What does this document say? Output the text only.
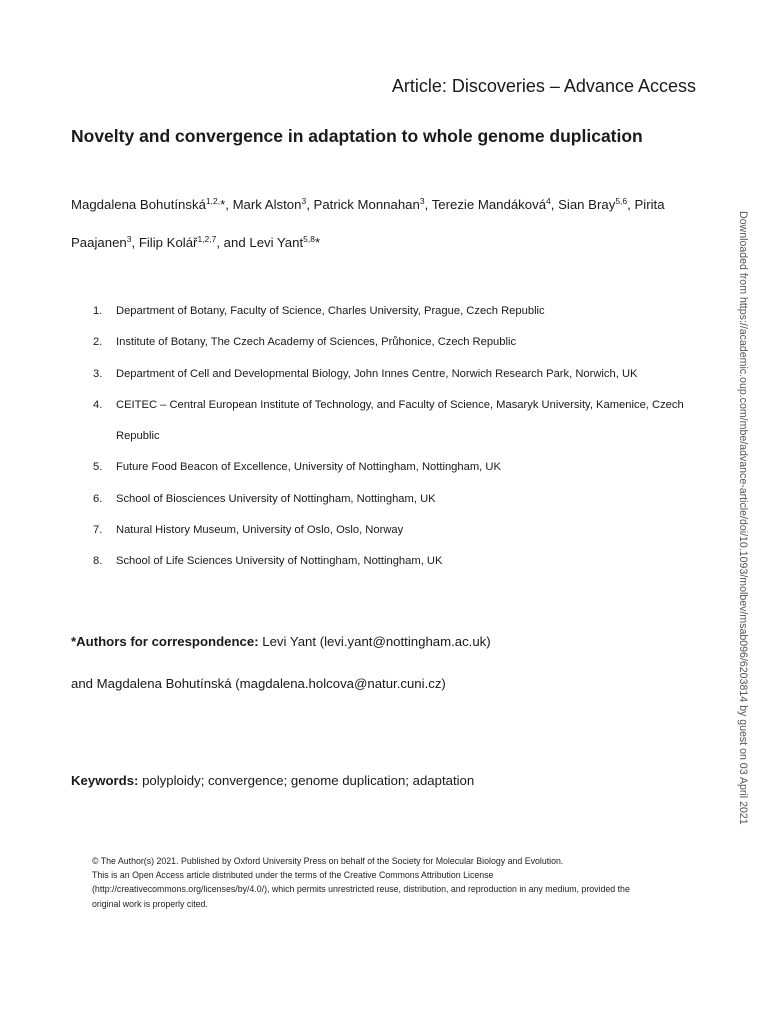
Article: Discoveries – Advance Access
Novelty and convergence in adaptation to whole genome duplication
Magdalena Bohutínská$^{1,2,}$*, Mark Alston$^3$, Patrick Monnahan$^3$, Terezie Mandáková$^4$, Sian Bray$^{5,6}$, Pirita Paajanen$^3$, Filip Kolář$^{1,2,7}$, and Levi Yant$^{5,8}$*
1. Department of Botany, Faculty of Science, Charles University, Prague, Czech Republic
2. Institute of Botany, The Czech Academy of Sciences, Průhonice, Czech Republic
3. Department of Cell and Developmental Biology, John Innes Centre, Norwich Research Park, Norwich, UK
4. CEITEC – Central European Institute of Technology, and Faculty of Science, Masaryk University, Kamenice, Czech Republic
5. Future Food Beacon of Excellence, University of Nottingham, Nottingham, UK
6. School of Biosciences University of Nottingham, Nottingham, UK
7. Natural History Museum, University of Oslo, Oslo, Norway
8. School of Life Sciences University of Nottingham, Nottingham, UK
*Authors for correspondence: Levi Yant (levi.yant@nottingham.ac.uk)
and Magdalena Bohutínská (magdalena.holcova@natur.cuni.cz)
Keywords: polyploidy; convergence; genome duplication; adaptation
© The Author(s) 2021. Published by Oxford University Press on behalf of the Society for Molecular Biology and Evolution.
This is an Open Access article distributed under the terms of the Creative Commons Attribution License
(http://creativecommons.org/licenses/by/4.0/), which permits unrestricted reuse, distribution, and reproduction in any medium, provided the
original work is properly cited.
Downloaded from https://academic.oup.com/mbe/advance-article/doi/10.1093/molbev/msab096/6203814 by guest on 03 April 2021
